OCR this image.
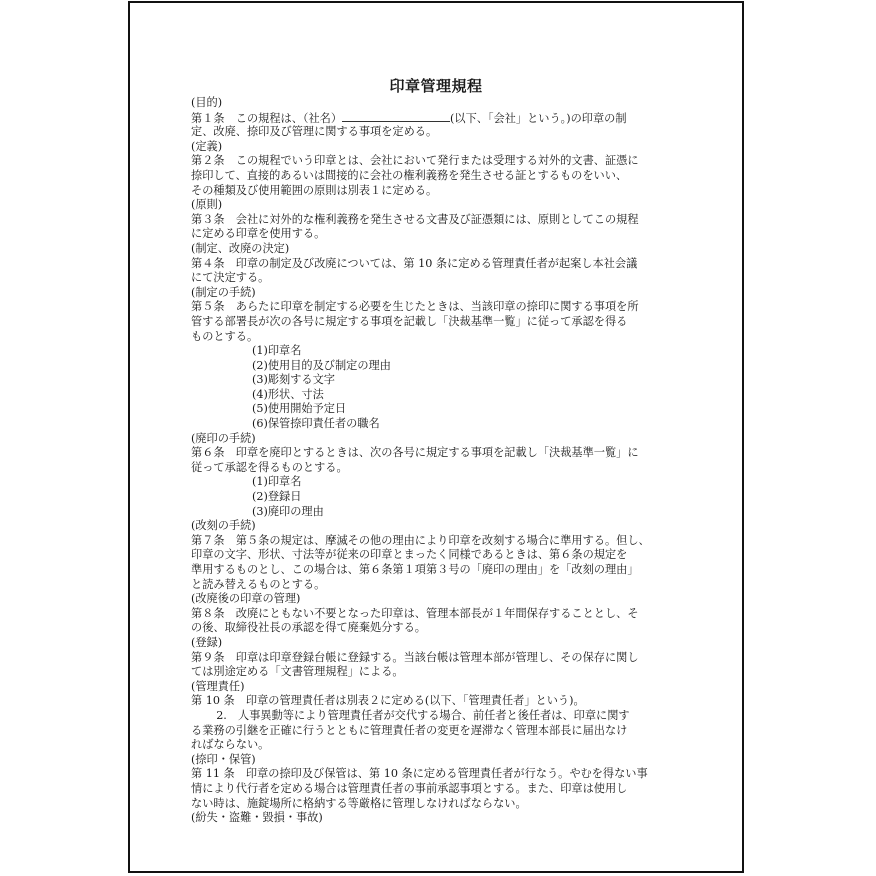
印章管理規程
(目的)
第１条　この規程は、（社名）	(以下、「会社」という。)の印章の制
定、改廃、捺印及び管理に関する事項を定める。
(定義)
第２条　この規程でいう印章とは、会社において発行または受理する対外的文書、証憑に
捺印して、直接的あるいは間接的に会社の権利義務を発生させる証とするものをいい、
その種類及び使用範囲の原則は別表１に定める。
(原則)
第３条　会社に対外的な権利義務を発生させる文書及び証憑類には、原則としてこの規程
に定める印章を使用する。
(制定、改廃の決定)
第４条　印章の制定及び改廃については、第 10 条に定める管理責任者が起案し本社会議
にて決定する。
(制定の手続)
第５条　あらたに印章を制定する必要を生じたときは、当該印章の捺印に関する事項を所
管する部署長が次の各号に規定する事項を記載し「決裁基準一覧」に従って承認を得る
ものとする。
(1)印章名
(2)使用目的及び制定の理由
(3)彫刻する文字
(4)形状、寸法
(5)使用開始予定日
(6)保管捺印責任者の職名
(廃印の手続)
第６条　印章を廃印とするときは、次の各号に規定する事項を記載し「決裁基準一覧」に
従って承認を得るものとする。
(1)印章名
(2)登録日
(3)廃印の理由
(改刻の手続)
第７条　第５条の規定は、摩滅その他の理由により印章を改刻する場合に準用する。但し、
印章の文字、形状、寸法等が従来の印章とまったく同様であるときは、第６条の規定を
準用するものとし、この場合は、第６条第１項第３号の「廃印の理由」を「改刻の理由」
と読み替えるものとする。
(改廃後の印章の管理)
第８条　改廃にともない不要となった印章は、管理本部長が１年間保存することとし、そ
の後、取締役社長の承認を得て廃棄処分する。
(登録)
第９条　印章は印章登録台帳に登録する。当該台帳は管理本部が管理し、その保存に関し
ては別途定める「文書管理規程」による。
(管理責任)
第 10 条　印章の管理責任者は別表２に定める(以下、「管理責任者」という)。
　2.　人事異動等により管理責任者が交代する場合、前任者と後任者は、印章に関す
る業務の引継を正確に行うとともに管理責任者の変更を遅滞なく管理本部長に届出なけ
ればならない。
(捺印・保管)
第 11 条　印章の捺印及び保管は、第 10 条に定める管理責任者が行なう。やむを得ない事
情により代行者を定める場合は管理責任者の事前承認事項とする。また、印章は使用し
ない時は、施錠場所に格納する等厳格に管理しなければならない。
(紛失・盗難・毀損・事故)
